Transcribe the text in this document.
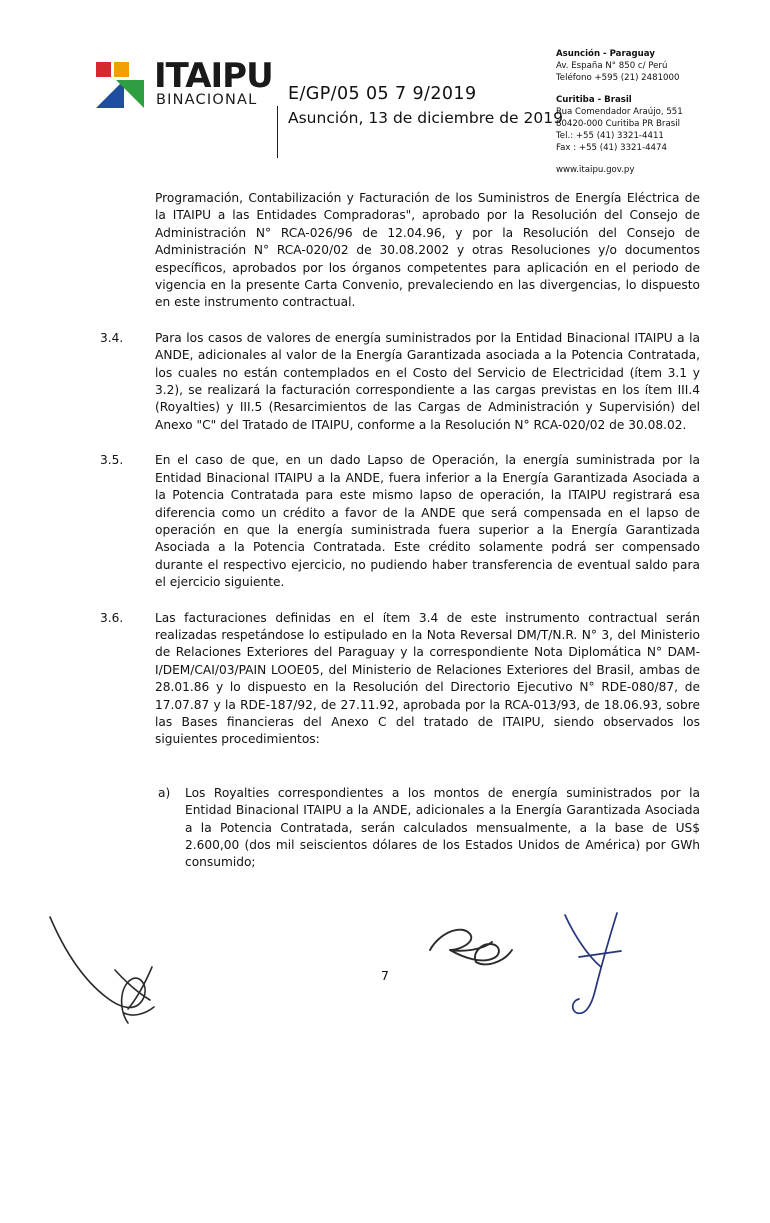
ITAIPU
BINACIONAL E/GP/05 05 7 9/2019
Asunción, 13 de diciembre de 2019
Asunción - Paraguay
Av. España N° 850 c/ Perú
Teléfono +595 (21) 2481000
Curitiba - Brasil
Rua Comendador Araújo, 551
80420-000 Curitiba PR Brasil
Tel.: +55 (41) 3321-4411
Fax : +55 (41) 3321-4474
www.itaipu.gov.py

Programación, Contabilización y Facturación de los Suministros de Energía Eléctrica de la ITAIPU a las Entidades Compradoras", aprobado por la Resolución del Consejo de Administración N° RCA-026/96 de 12.04.96, y por la Resolución del Consejo de Administración N° RCA-020/02 de 30.08.2002 y otras Resoluciones y/o documentos específicos, aprobados por los órganos competentes para aplicación en el periodo de vigencia en la presente Carta Convenio, prevaleciendo en las divergencias, lo dispuesto en este instrumento contractual.

3.4.	Para los casos de valores de energía suministrados por la Entidad Binacional ITAIPU a la ANDE, adicionales al valor de la Energía Garantizada asociada a la Potencia Contratada, los cuales no están contemplados en el Costo del Servicio de Electricidad (ítem 3.1 y 3.2), se realizará la facturación correspondiente a las cargas previstas en los ítem III.4 (Royalties) y III.5 (Resarcimientos de las Cargas de Administración y Supervisión) del Anexo "C" del Tratado de ITAIPU, conforme a la Resolución N° RCA-020/02 de 30.08.02.

3.5.	En el caso de que, en un dado Lapso de Operación, la energía suministrada por la Entidad Binacional ITAIPU a la ANDE, fuera inferior a la Energía Garantizada Asociada a la Potencia Contratada para este mismo lapso de operación, la ITAIPU registrará esa diferencia como un crédito a favor de la ANDE que será compensada en el lapso de operación en que la energía suministrada fuera superior a la Energía Garantizada Asociada a la Potencia Contratada. Este crédito solamente podrá ser compensado durante el respectivo ejercicio, no pudiendo haber transferencia de eventual saldo para el ejercicio siguiente.

3.6.	Las facturaciones definidas en el ítem 3.4 de este instrumento contractual serán realizadas respetándose lo estipulado en la Nota Reversal DM/T/N.R. N° 3, del Ministerio de Relaciones Exteriores del Paraguay y la correspondiente Nota Diplomática N° DAM-I/DEM/CAI/03/PAIN LOOE05, del Ministerio de Relaciones Exteriores del Brasil, ambas de 28.01.86 y lo dispuesto en la Resolución del Directorio Ejecutivo N° RDE-080/87, de 17.07.87 y la RDE-187/92, de 27.11.92, aprobada por la RCA-013/93, de 18.06.93, sobre las Bases financieras del Anexo C del tratado de ITAIPU, siendo observados los siguientes procedimientos:

a) Los Royalties correspondientes a los montos de energía suministrados por la Entidad Binacional ITAIPU a la ANDE, adicionales a la Energía Garantizada Asociada a la Potencia Contratada, serán calculados mensualmente, a la base de US$ 2.600,00 (dos mil seiscientos dólares de los Estados Unidos de América) por GWh consumido;

7
